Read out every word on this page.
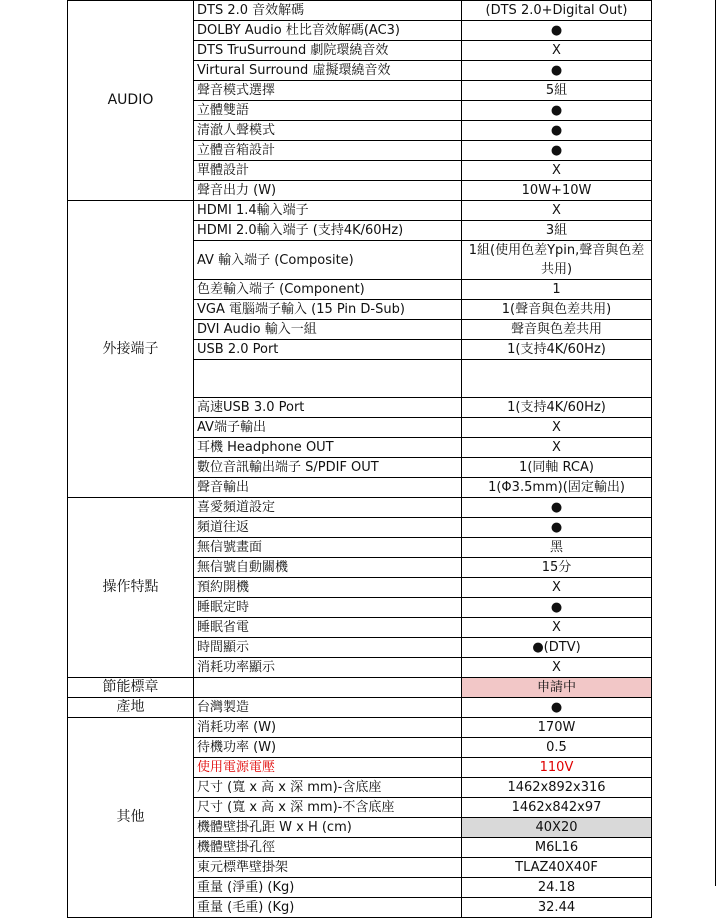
AUDIO	DTS 2.0 音效解碼	(DTS 2.0+Digital Out)
	DOLBY Audio 杜比音效解碼(AC3)	●
	DTS TruSurround 劇院環繞音效	X
	Virtural Surround 虛擬環繞音效	●
	聲音模式選擇	5組
	立體雙語	●
	清澈人聲模式	●
	立體音箱設計	●
	單體設計	X
	聲音出力 (W)	10W+10W
外接端子	HDMI 1.4輸入端子	X
	HDMI 2.0輸入端子 (支持4K/60Hz)	3組
	AV 輸入端子 (Composite)	1組(使用色差Ypin,聲音與色差共用)
	色差輸入端子 (Component)	1
	VGA 電腦端子輸入 (15 Pin D-Sub)	1(聲音與色差共用)
	DVI Audio 輸入一組	聲音與色差共用
	USB 2.0 Port	1(支持4K/60Hz)

	高速USB 3.0 Port	1(支持4K/60Hz)
	AV端子輸出	X
	耳機 Headphone OUT	X
	數位音訊輸出端子 S/PDIF OUT	1(同軸 RCA)
	聲音輸出	1(Φ3.5mm)(固定輸出)
操作特點	喜愛頻道設定	●
	頻道往返	●
	無信號畫面	黑
	無信號自動關機	15分
	預約開機	X
	睡眠定時	●
	睡眠省電	X
	時間顯示	●(DTV)
	消耗功率顯示	X
節能標章		申請中
產地	台灣製造	●
其他	消耗功率 (W)	170W
	待機功率 (W)	0.5
	使用電源電壓	110V
	尺寸 (寬 x 高 x 深 mm)-含底座	1462x892x316
	尺寸 (寬 x 高 x 深 mm)-不含底座	1462x842x97
	機體壁掛孔距 W x H (cm)	40X20
	機體壁掛孔徑	M6L16
	東元標準壁掛架	TLAZ40X40F
	重量 (淨重) (Kg)	24.18
	重量 (毛重) (Kg)	32.44
